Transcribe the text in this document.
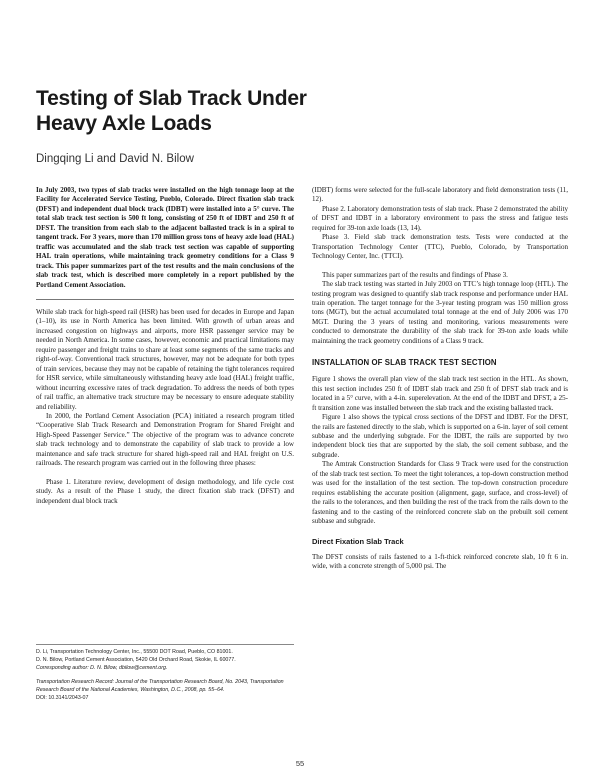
Testing of Slab Track Under
Heavy Axle Loads
Dingqing Li and David N. Bilow

In July 2003, two types of slab tracks were installed on the high tonnage loop at the Facility for Accelerated Service Testing, Pueblo, Colorado. Direct fixation slab track (DFST) and independent dual block track (IDBT) were installed into a 5° curve. The total slab track test section is 500 ft long, consisting of 250 ft of IDBT and 250 ft of DFST. The transition from each slab to the adjacent ballasted track is in a spiral to tangent track. For 3 years, more than 170 million gross tons of heavy axle load (HAL) traffic was accumulated and the slab track test section was capable of supporting HAL train operations, while maintaining track geometry conditions for a Class 9 track. This paper summarizes part of the test results and the main conclusions of the slab track test, which is described more completely in a report published by the Portland Cement Association.

While slab track for high-speed rail (HSR) has been used for decades in Europe and Japan (1–10), its use in North America has been limited. With growth of urban areas and increased congestion on highways and airports, more HSR passenger service may be needed in North America. In some cases, however, economic and practical limitations may require passenger and freight trains to share at least some segments of the same tracks and right-of-way. Conventional track structures, however, may not be adequate for both types of train services, because they may not be capable of retaining the tight tolerances required for HSR service, while simultaneously withstanding heavy axle load (HAL) freight traffic, without incurring excessive rates of track degradation. To address the needs of both types of rail traffic, an alternative track structure may be necessary to ensure adequate stability and reliability.

In 2000, the Portland Cement Association (PCA) initiated a research program titled “Cooperative Slab Track Research and Demonstration Program for Shared Freight and High-Speed Passenger Service.” The objective of the program was to advance concrete slab track technology and to demonstrate the capability of slab track to provide a low maintenance and safe track structure for shared high-speed rail and HAL freight on U.S. railroads. The research program was carried out in the following three phases:

Phase 1. Literature review, development of design methodology, and life cycle cost study. As a result of the Phase 1 study, the direct fixation slab track (DFST) and independent dual block track

(IDBT) forms were selected for the full-scale laboratory and field demonstration tests (11, 12).

Phase 2. Laboratory demonstration tests of slab track. Phase 2 demonstrated the ability of DFST and IDBT in a laboratory environment to pass the stress and fatigue tests required for 39-ton axle loads (13, 14).

Phase 3. Field slab track demonstration tests. Tests were conducted at the Transportation Technology Center (TTC), Pueblo, Colorado, by Transportation Technology Center, Inc. (TTCI).

This paper summarizes part of the results and findings of Phase 3.

The slab track testing was started in July 2003 on TTC’s high tonnage loop (HTL). The testing program was designed to quantify slab track response and performance under HAL train operation. The target tonnage for the 3-year testing program was 150 million gross tons (MGT), but the actual accumulated total tonnage at the end of July 2006 was 170 MGT. During the 3 years of testing and monitoring, various measurements were conducted to demonstrate the durability of the slab track for 39-ton axle loads while maintaining the track geometry conditions of a Class 9 track.

INSTALLATION OF SLAB TRACK TEST SECTION

Figure 1 shows the overall plan view of the slab track test section in the HTL. As shown, this test section includes 250 ft of IDBT slab track and 250 ft of DFST slab track and is located in a 5° curve, with a 4-in. superelevation. At the end of the IDBT and DFST, a 25-ft transition zone was installed between the slab track and the existing ballasted track.

Figure 1 also shows the typical cross sections of the DFST and IDBT. For the DFST, the rails are fastened directly to the slab, which is supported on a 6-in. layer of soil cement subbase and the underlying subgrade. For the IDBT, the rails are supported by two independent block ties that are supported by the slab, the soil cement subbase, and the subgrade.

The Amtrak Construction Standards for Class 9 Track were used for the construction of the slab track test section. To meet the tight tolerances, a top-down construction method was used for the installation of the test section. The top-down construction procedure requires establishing the accurate position (alignment, gage, surface, and cross-level) of the rails to the tolerances, and then building the rest of the track from the rails down to the fastening and to the casting of the reinforced concrete slab on the prebuilt soil cement subbase and subgrade.

Direct Fixation Slab Track

The DFST consists of rails fastened to a 1-ft-thick reinforced concrete slab, 10 ft 6 in. wide, with a concrete strength of 5,000 psi. The

D. Li, Transportation Technology Center, Inc., 55500 DOT Road, Pueblo, CO 81001.

D. N. Bilow, Portland Cement Association, 5420 Old Orchard Road, Skokie, IL 60077.

Corresponding author: D. N. Bilow, dbilow@cement.org.

Transportation Research Record: Journal of the Transportation Research Board, No. 2043, Transportation Research Board of the National Academies, Washington, D.C., 2008, pp. 55–64.

DOI: 10.3141/2043-07

55
